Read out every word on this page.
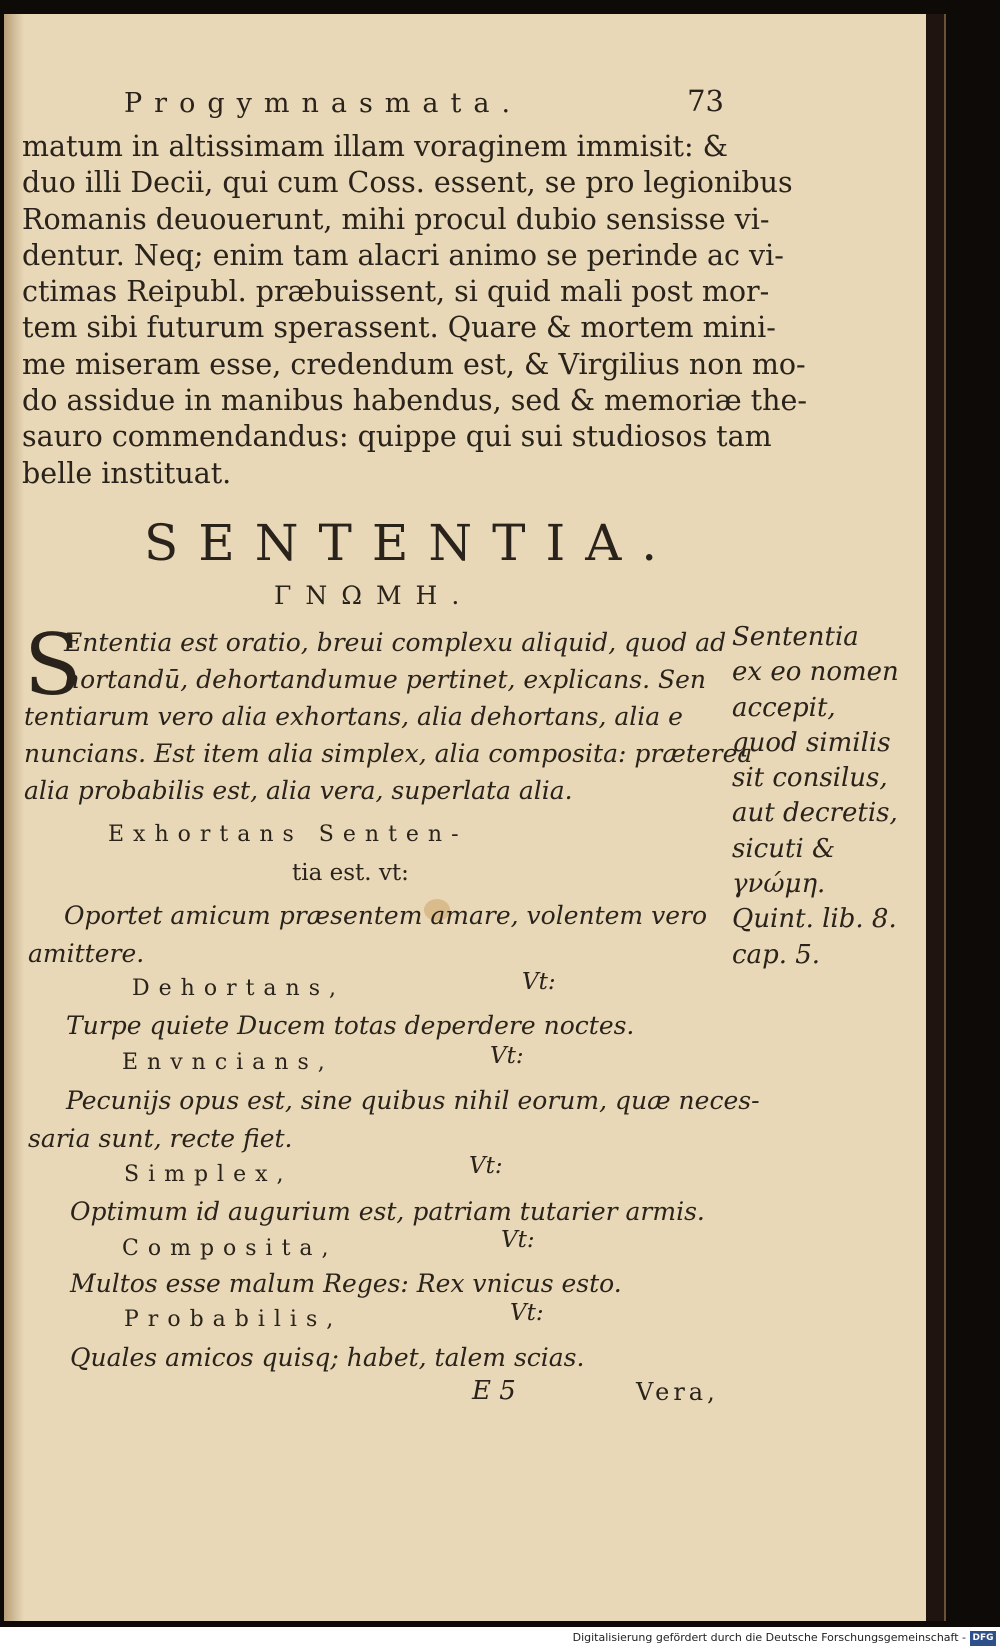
Progymnasmata.	73
matum in altissimam illam voraginem immisit: &
duo illi Decii, qui cum Coss. essent, se pro legionibus
Romanis deuouerunt, mihi procul dubio sensisse vi-
dentur. Neq; enim tam alacri animo se perinde ac vi-
ctimas Reipubl. præbuissent, si quid mali post mor-
tem sibi futurum sperassent. Quare & mortem mini-
me miseram esse, credendum est, & Virgilius non mo-
do assidue in manibus habendus, sed & memoriæ the-
sauro commendandus: quippe qui sui studiosos tam
belle instituat.
SENTENTIA.
ΓΝΩΜΗ.
S
Ententia est oratio, breui complexu aliquid, quod ad
hortandū, dehortandumue pertinet, explicans. Sen
tentiarum vero alia exhortans, alia dehortans, alia e
nuncians. Est item alia simplex, alia composita: præterea
alia probabilis est, alia vera, superlata alia.
Sententia
ex eo nomen
accepit,
quod similis
sit consilus,
aut decretis,
sicuti &
γνώμη.
Quint. lib. 8.
cap. 5.
Exhortans Senten-
tia est. vt:
Oportet amicum præsentem amare, volentem vero
amittere.
Dehortans,	Vt:
Turpe quiete Ducem totas deperdere noctes.
Envncians,	Vt:
Pecunijs opus est, sine quibus nihil eorum, quæ neces-
saria sunt, recte fiet.
Simplex,	Vt:
Optimum id augurium est, patriam tutarier armis.
Composita,	Vt:
Multos esse malum Reges: Rex vnicus esto.
Probabilis,	Vt:
Quales amicos quisq; habet, talem scias.
E 5	Vera,
Digitalisierung gefördert durch die Deutsche Forschungsgemeinschaft - DFG
